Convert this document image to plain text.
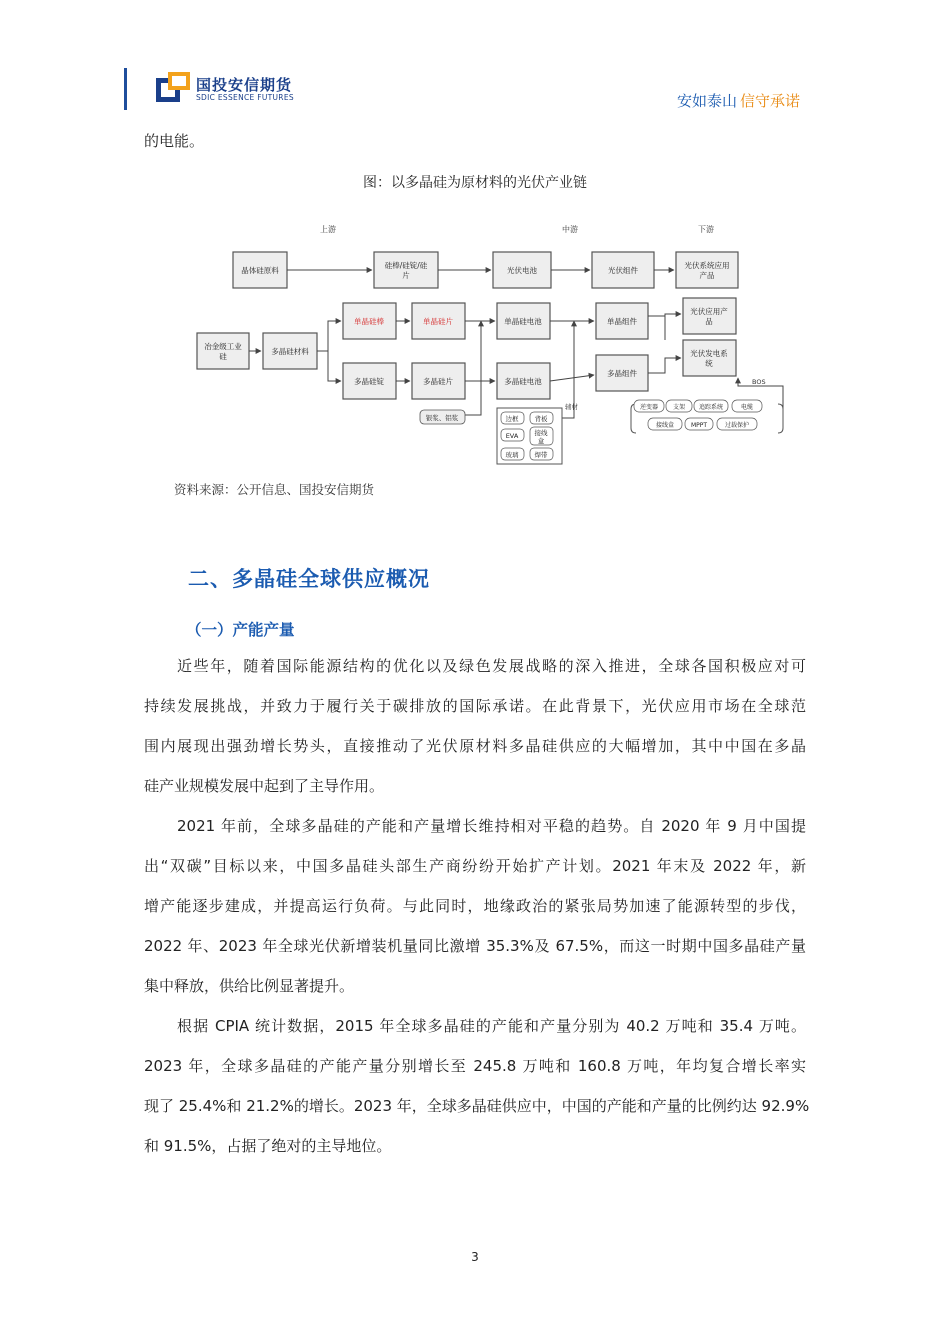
国投安信期货
SDIC ESSENCE FUTURES	安如泰山 信守承诺
的电能。
图：以多晶硅为原材料的光伏产业链
上游	中游	下游
晶体硅原料
硅棒/硅锭/硅
片
光伏电池	光伏组件
光伏系统应用
产品
冶金级工业
硅
多晶硅材料
单晶硅棒	单晶硅片	单晶硅电池	单晶组件
光伏应用产
品
多晶硅锭	多晶硅片	多晶硅电池
多晶组件
光伏发电系
统
银浆、铝浆
辅材
边框 背板
EVA 接线
盒
玻璃 焊带
BOS
逆变器 支架 追踪系统	电缆
接线盒	MPPT	过载保护
资料来源：公开信息、国投安信期货
二、多晶硅全球供应概况
（一）产能产量
近些年，随着国际能源结构的优化以及绿色发展战略的深入推进，全球各国积极应对可
持续发展挑战，并致力于履行关于碳排放的国际承诺。在此背景下，光伏应用市场在全球范
围内展现出强劲增长势头，直接推动了光伏原材料多晶硅供应的大幅增加，其中中国在多晶
硅产业规模发展中起到了主导作用。
2021 年前，全球多晶硅的产能和产量增长维持相对平稳的趋势。自 2020 年 9 月中国提
出“双碳”目标以来，中国多晶硅头部生产商纷纷开始扩产计划。2021 年末及 2022 年，新
增产能逐步建成，并提高运行负荷。与此同时，地缘政治的紧张局势加速了能源转型的步伐，
2022 年、2023 年全球光伏新增装机量同比激增 35.3%及 67.5%，而这一时期中国多晶硅产量
集中释放，供给比例显著提升。
根据 CPIA 统计数据，2015 年全球多晶硅的产能和产量分别为 40.2 万吨和 35.4 万吨。
2023 年，全球多晶硅的产能产量分别增长至 245.8 万吨和 160.8 万吨，年均复合增长率实
现了 25.4%和 21.2%的增长。2023 年，全球多晶硅供应中，中国的产能和产量的比例约达 92.9%
和 91.5%，占据了绝对的主导地位。
3
